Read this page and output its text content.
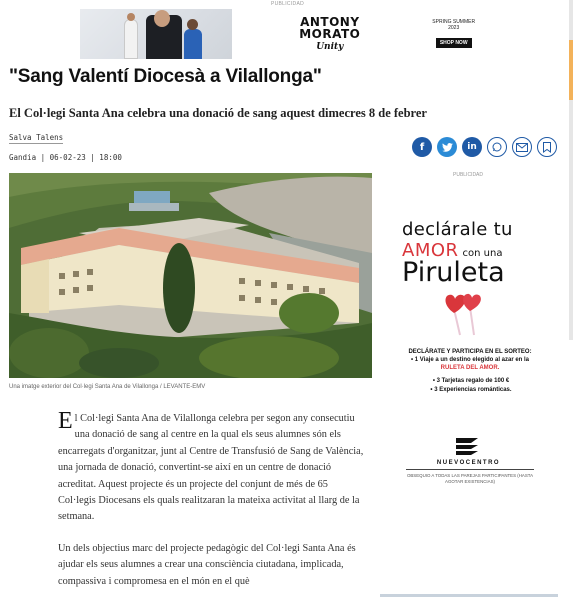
PUBLICIDAD
ANTONY MORATO
Unity
SPRING SUMMER 2023
SHOP NOW
"Sang Valentí Diocesà a Vilallonga"
El Col·legi Santa Ana celebra una donació de sang aquest dimecres 8 de febrer
Salva Talens
Gandia | 06-02-23 | 18:00
f	in
Una imatge exterior del Col·legi Santa Ana de Vilallonga / LEVANTE-EMV
PUBLICIDAD
declárale tu
AMOR con una
Piruleta
DECLÁRATE Y PARTICIPA EN EL SORTEO:
• 1 Viaje a un destino elegido al azar en la
RULETA DEL AMOR.
• 3 Tarjetas regalo de 100 €
• 3 Experiencias románticas.
NUEVOCENTRO
OBSEQUIO A TODAS LAS PAREJAS PARTICIPANTES (HASTA AGOTAR EXISTENCIAS)

El Col·legi Santa Ana de Vilallonga celebra per segon any consecutiu una donació de sang al centre en la qual els seus alumnes són els encarregats d'organitzar, junt al Centre de Transfusió de Sang de València, una jornada de donació, convertint-se així en un centre de donació acreditat. Aquest projecte és un projecte del conjunt de més de 65 Col·legis Diocesans els quals realitzaran la mateixa activitat al llarg de la setmana.

Un dels objectius marc del projecte pedagògic del Col·legi Santa Ana és ajudar els seus alumnes a crear una consciència ciutadana, implicada, compassiva i compromesa en el món en el què
